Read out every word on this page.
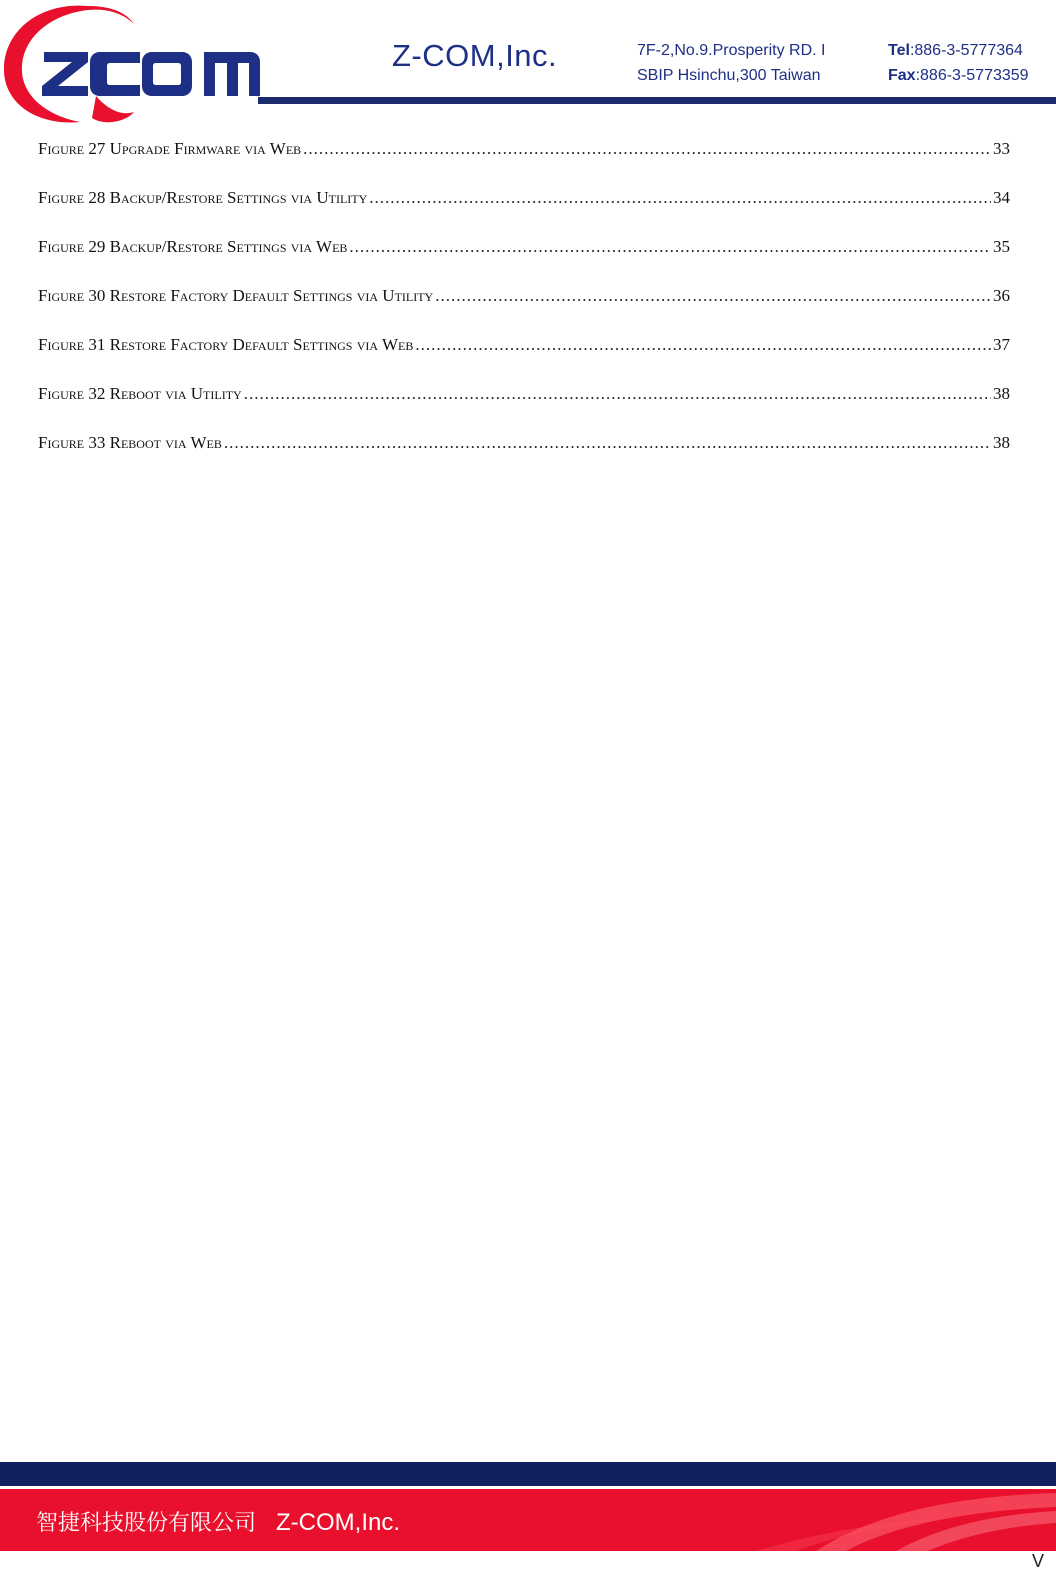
Z-COM,Inc.	7F-2,No.9.Prosperity RD. I
SBIP Hsinchu,300 Taiwan
Tel:886-3-5777364
Fax:886-3-5773359
Figure 27 Upgrade Firmware via Web .....	33
Figure 28 Backup/Restore Settings via Utility .....	34
Figure 29 Backup/Restore Settings via Web .....	35
Figure 30 Restore Factory Default Settings via Utility .....	36
Figure 31 Restore Factory Default Settings via Web .....	37
Figure 32 Reboot via Utility .....	38
Figure 33 Reboot via Web .....	38
智捷科技股份有限公司 Z-COM,Inc.
V
